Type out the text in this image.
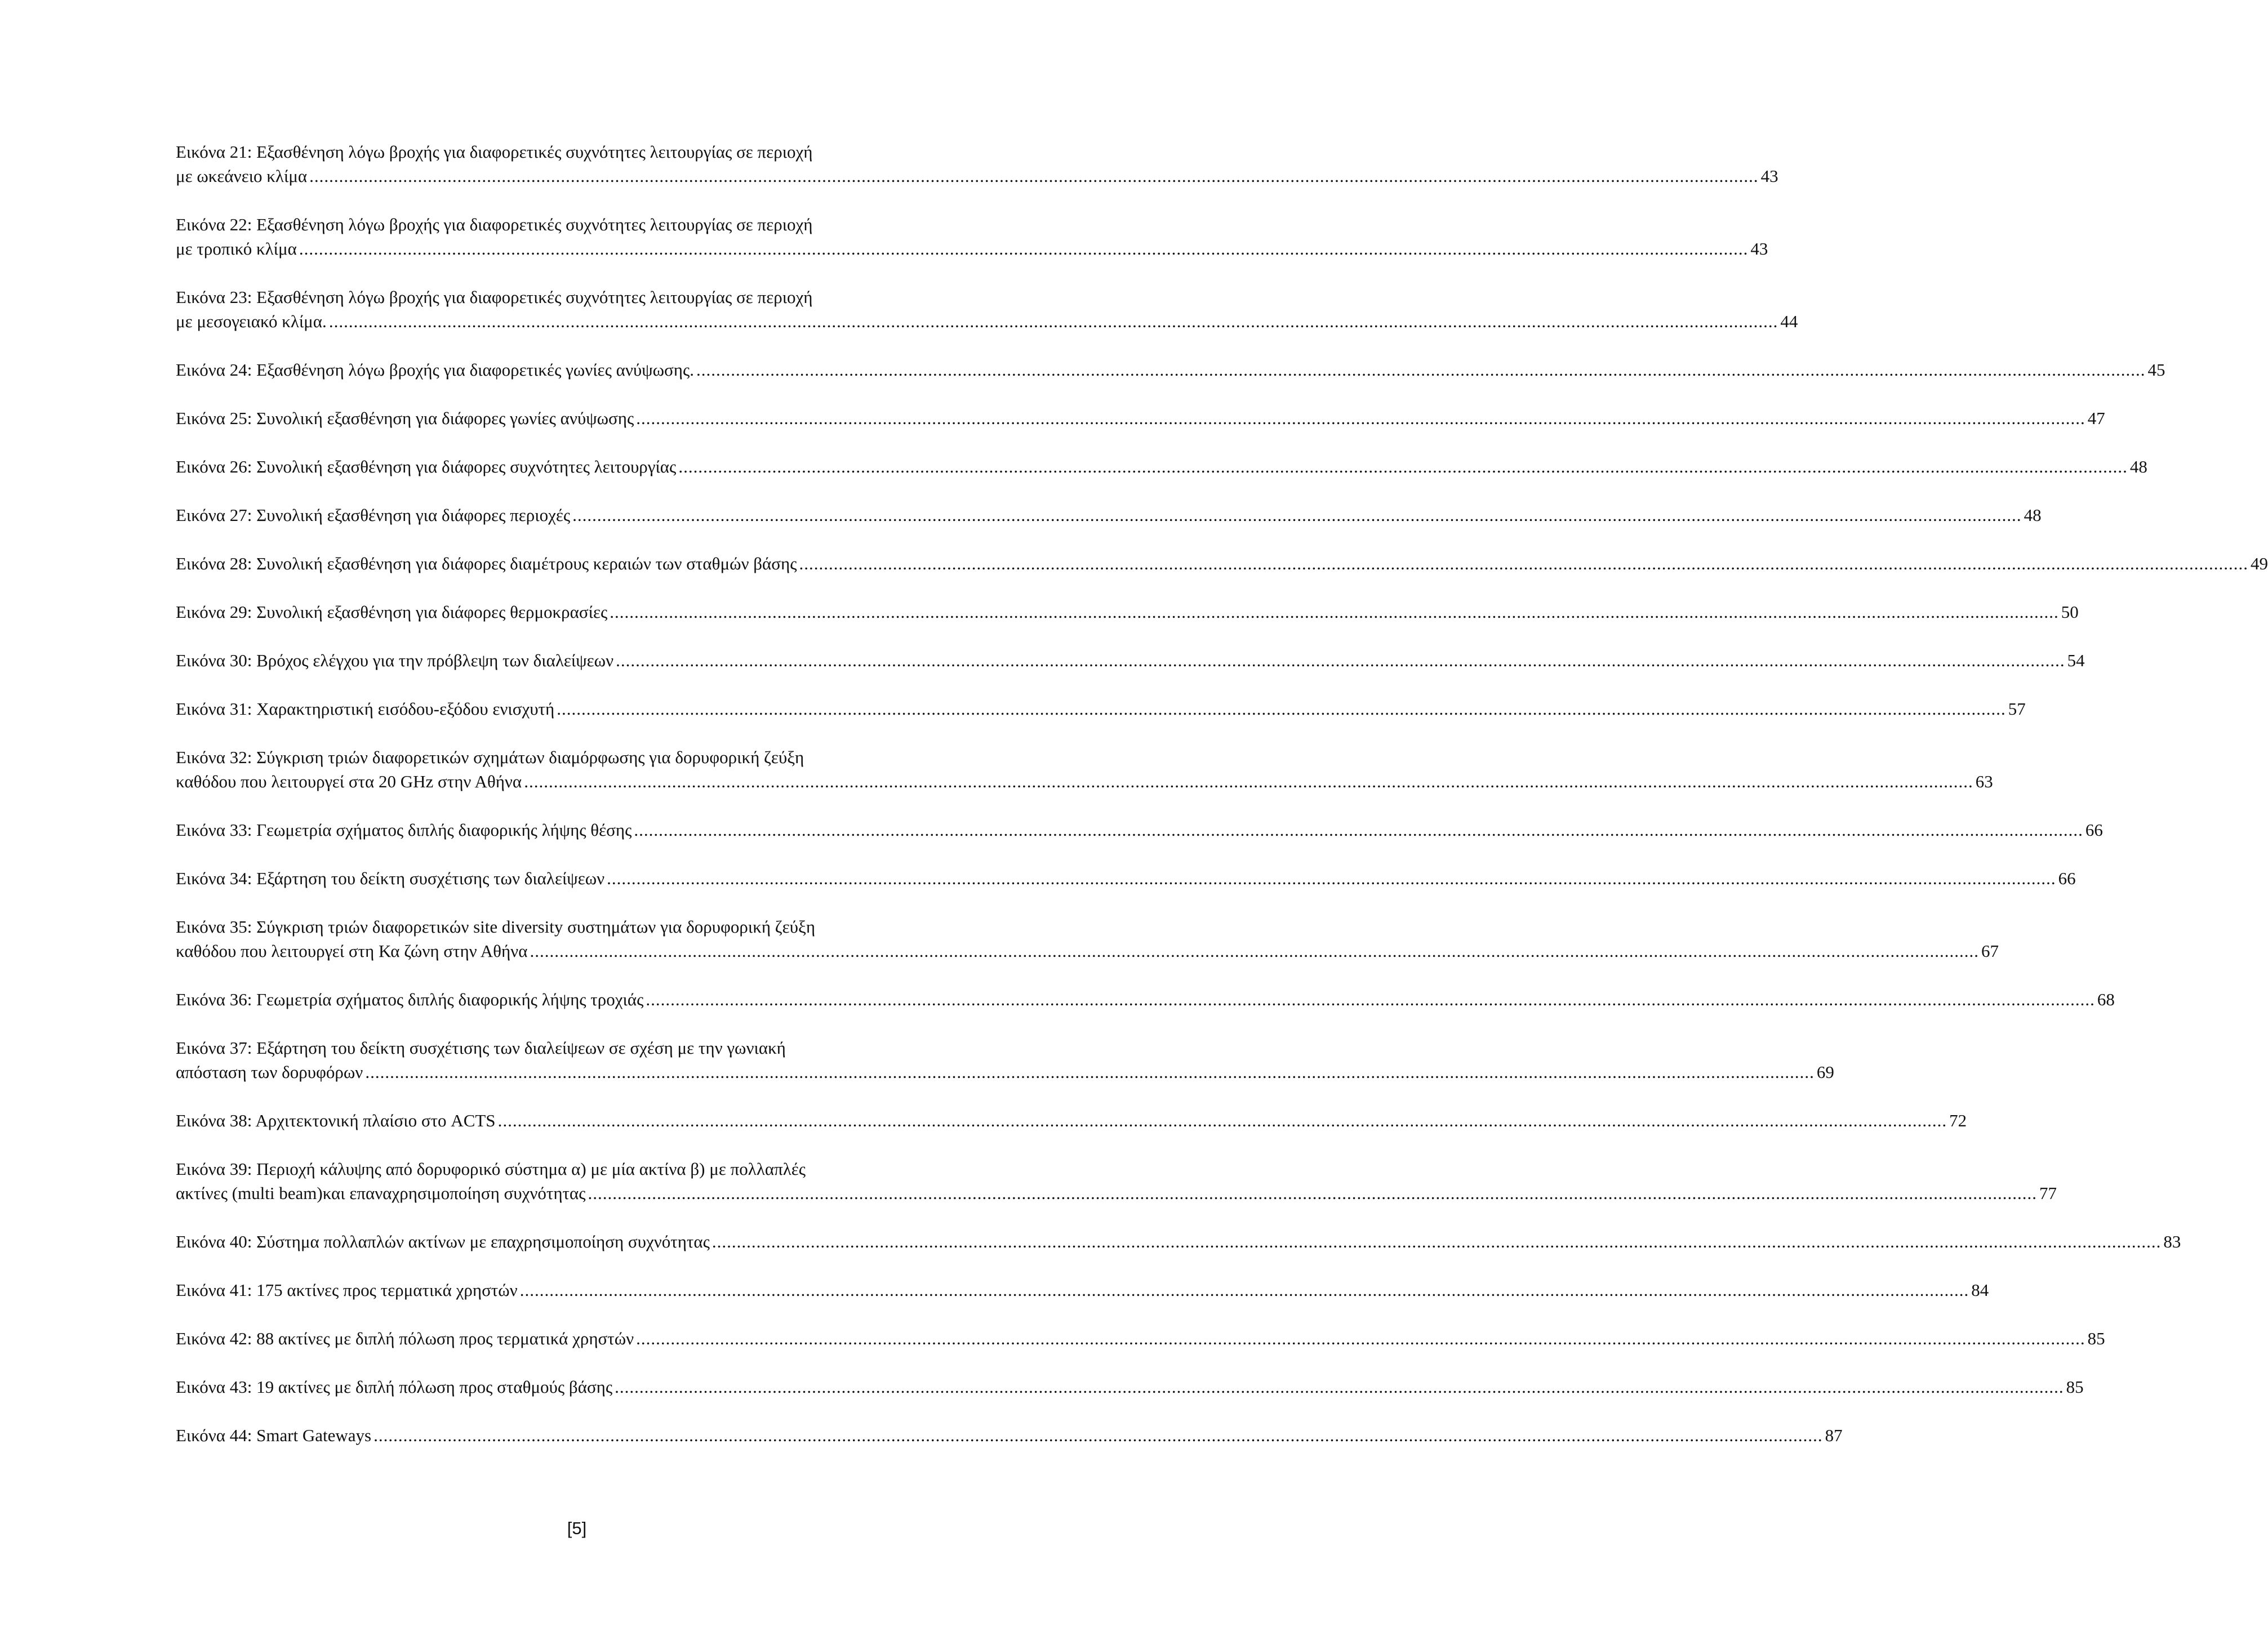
Εικόνα 21: Εξασθένηση λόγω βροχής για διαφορετικές συχνότητες λειτουργίας σε περιοχή
με ωκεάνειο κλίμα .....	43
Εικόνα 22: Εξασθένηση λόγω βροχής για διαφορετικές συχνότητες λειτουργίας σε περιοχή
με τροπικό κλίμα .....	43
Εικόνα 23: Εξασθένηση λόγω βροχής για διαφορετικές συχνότητες λειτουργίας σε περιοχή
με μεσογειακό κλίμα. .....	44
Εικόνα 24: Εξασθένηση λόγω βροχής για διαφορετικές γωνίες ανύψωσης. .....	45
Εικόνα 25: Συνολική εξασθένηση για διάφορες γωνίες ανύψωσης .....	47
Εικόνα 26: Συνολική εξασθένηση για διάφορες συχνότητες λειτουργίας .....	48
Εικόνα 27: Συνολική εξασθένηση για διάφορες περιοχές .....	48
Εικόνα 28: Συνολική εξασθένηση για διάφορες διαμέτρους κεραιών των σταθμών βάσης .....	49
Εικόνα 29: Συνολική εξασθένηση για διάφορες θερμοκρασίες .....	50
Εικόνα 30: Βρόχος ελέγχου για την πρόβλεψη των διαλείψεων .....	54
Εικόνα 31: Χαρακτηριστική εισόδου-εξόδου ενισχυτή .....	57
Εικόνα 32: Σύγκριση τριών διαφορετικών σχημάτων διαμόρφωσης για δορυφορική ζεύξη
καθόδου που λειτουργεί στα 20 GHz στην Αθήνα .....	63
Εικόνα 33: Γεωμετρία σχήματος διπλής διαφορικής λήψης θέσης .....	66
Εικόνα 34: Εξάρτηση του δείκτη συσχέτισης των διαλείψεων .....	66
Εικόνα 35: Σύγκριση τριών διαφορετικών site diversity συστημάτων για δορυφορική ζεύξη
καθόδου που λειτουργεί στη Κα ζώνη στην Αθήνα .....	67
Εικόνα 36: Γεωμετρία σχήματος διπλής διαφορικής λήψης τροχιάς .....	68
Εικόνα 37: Εξάρτηση του δείκτη συσχέτισης των διαλείψεων σε σχέση με την γωνιακή
απόσταση των δορυφόρων .....	69
Εικόνα 38: Αρχιτεκτονική πλαίσιο στο ACTS .....	72
Εικόνα 39: Περιοχή κάλυψης από δορυφορικό σύστημα α) με μία ακτίνα β) με πολλαπλές
ακτίνες (multi beam)και επαναχρησιμοποίηση συχνότητας .....	77
Εικόνα 40: Σύστημα πολλαπλών ακτίνων με επαχρησιμοποίηση συχνότητας .....	83
Εικόνα 41: 175 ακτίνες προς τερματικά χρηστών .....	84
Εικόνα 42: 88 ακτίνες με διπλή πόλωση προς τερματικά χρηστών .....	85
Εικόνα 43: 19 ακτίνες με διπλή πόλωση προς σταθμούς βάσης .....	85
Εικόνα 44: Smart Gateways .....	87
[5]
